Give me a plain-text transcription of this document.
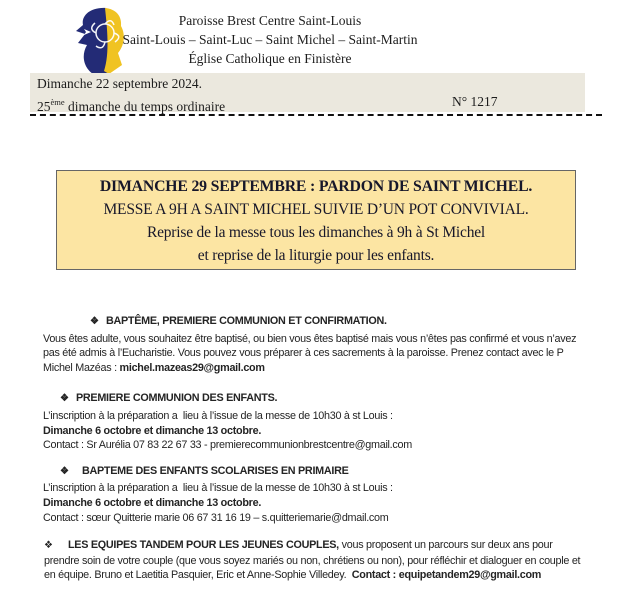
Paroisse Brest Centre Saint-Louis
Saint-Louis – Saint-Luc – Saint Michel – Saint-Martin
Église Catholique en Finistère
Dimanche 22 septembre 2024.
25ème dimanche du temps ordinaire	N° 1217
DIMANCHE 29 SEPTEMBRE : PARDON DE SAINT MICHEL.
MESSE A 9H A SAINT MICHEL SUIVIE D’UN POT CONVIVIAL.
Reprise de la messe tous les dimanches à 9h à St Michel
et reprise de la liturgie pour les enfants.
❖ BAPTÊME, PREMIERE COMMUNION ET CONFIRMATION.

Vous êtes adulte, vous souhaitez être baptisé, ou bien vous êtes baptisé mais vous n’êtes pas confirmé et vous n’avez pas été admis à l’Eucharistie. Vous pouvez vous préparer à ces sacrements à la paroisse. Prenez contact avec le P Michel Mazéas : michel.mazeas29@gmail.com

❖ PREMIERE COMMUNION DES ENFANTS.

L’inscription à la préparation a  lieu à l’issue de la messe de 10h30 à st Louis :

Dimanche 6 octobre et dimanche 13 octobre.

Contact : Sr Aurélia 07 83 22 67 33 - premierecommunionbrestcentre@gmail.com

❖ BAPTEME DES ENFANTS SCOLARISES EN PRIMAIRE

L’inscription à la préparation a  lieu à l’issue de la messe de 10h30 à st Louis :

Dimanche 6 octobre et dimanche 13 octobre.

Contact : sœur Quitterie marie 06 67 31 16 19 – s.quitteriemarie@dmail.com

❖ LES EQUIPES TANDEM POUR LES JEUNES COUPLES, vous proposent un parcours sur deux ans pour prendre soin de votre couple (que vous soyez mariés ou non, chrétiens ou non), pour réfléchir et dialoguer en couple et en équipe. Bruno et Laetitia Pasquier, Eric et Anne-Sophie Villedey.  Contact : equipetandem29@gmail.com
